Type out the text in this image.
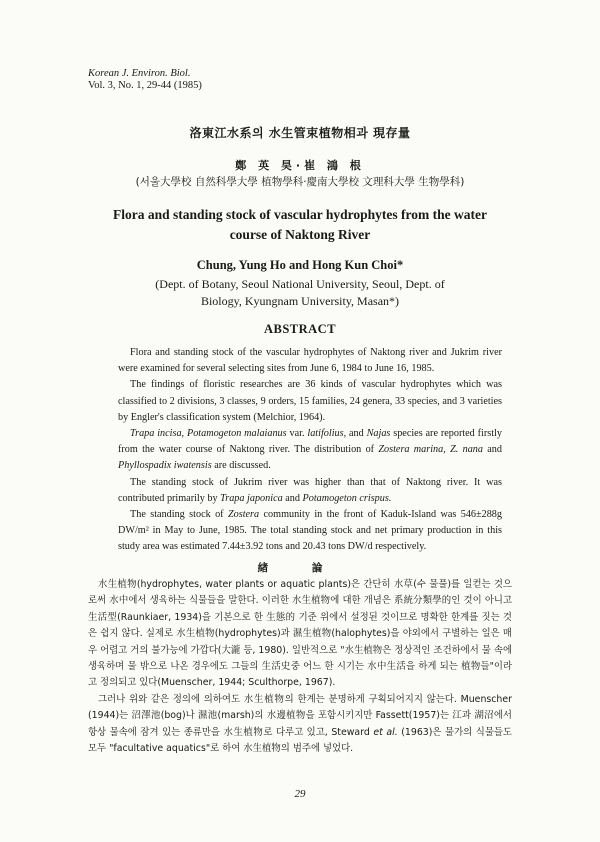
Korean J. Environ. Biol.
Vol. 3, No. 1, 29-44 (1985)
洛東江水系의 水生管束植物相과 現存量
鄭 英 昊·崔 鴻 根
(서울大學校 自然科學大學 植物學科·慶南大學校 文理科大學 生物學科)
Flora and standing stock of vascular hydrophytes from the water course of Naktong River
Chung, Yung Ho and Hong Kun Choi*
(Dept. of Botany, Seoul National University, Seoul, Dept. of Biology, Kyungnam University, Masan*)
ABSTRACT

Flora and standing stock of the vascular hydrophytes of Naktong river and Jukrim river were examined for several selecting sites from June 6, 1984 to June 16, 1985.

The findings of floristic researches are 36 kinds of vascular hydrophytes which was classified to 2 divisions, 3 classes, 9 orders, 15 families, 24 genera, 33 species, and 3 varieties by Engler's classification system (Melchior, 1964).

Trapa incisa, Potamogeton malaianus var. latifolius, and Najas species are reported firstly from the water course of Naktong river. The distribution of Zostera marina, Z. nana and Phyllospadix iwatensis are discussed.

The standing stock of Jukrim river was higher than that of Naktong river. It was contributed primarily by Trapa japonica and Potamogeton crispus.

The standing stock of Zostera community in the front of Kaduk-Island was 546±288g DW/m² in May to June, 1985. The total standing stock and net primary production in this study area was estimated 7.44±3.92 tons and 20.43 tons DW/d respectively.

緖 論

水生植物(hydrophytes, water plants or aquatic plants)은 간단히 水草(수 물풀)를 일컫는 것으로써 水中에서 생육하는 식물들을 말한다. 이러한 水生植物에 대한 개념은 系統分類學的인 것이 아니고 生活型(Raunkiaer, 1934)을 기본으로 한 生態的 기준 위에서 설정된 것이므로 명확한 한계를 짓는 것은 쉽지 않다. 실제로 水生植物(hydrophytes)과 濕生植物(halophytes)을 야외에서 구별하는 일은 매우 어렵고 거의 불가능에 가깝다(大瀧 등, 1980). 일반적으로 "水生植物은 정상적인 조건하에서 물 속에 생육하며 물 밖으로 나온 경우에도 그들의 生活史중 어느 한 시기는 水中生活을 하게 되는 植物들"이라고 정의되고 있다(Muenscher, 1944; Sculthorpe, 1967).

그러나 위와 같은 정의에 의하여도 水生植物의 한계는 분명하게 구획되어지지 않는다. Muenscher (1944)는 沼澤池(bog)나 濕池(marsh)의 水邊植物을 포함시키지만 Fassett(1957)는 江과 湖沼에서 항상 물속에 잠겨 있는 종류만을 水生植物로 다루고 있고, Steward et al. (1963)은 물가의 식물들도 모두 "facultative aquatics"로 하여 水生植物의 범주에 넣었다.

29
